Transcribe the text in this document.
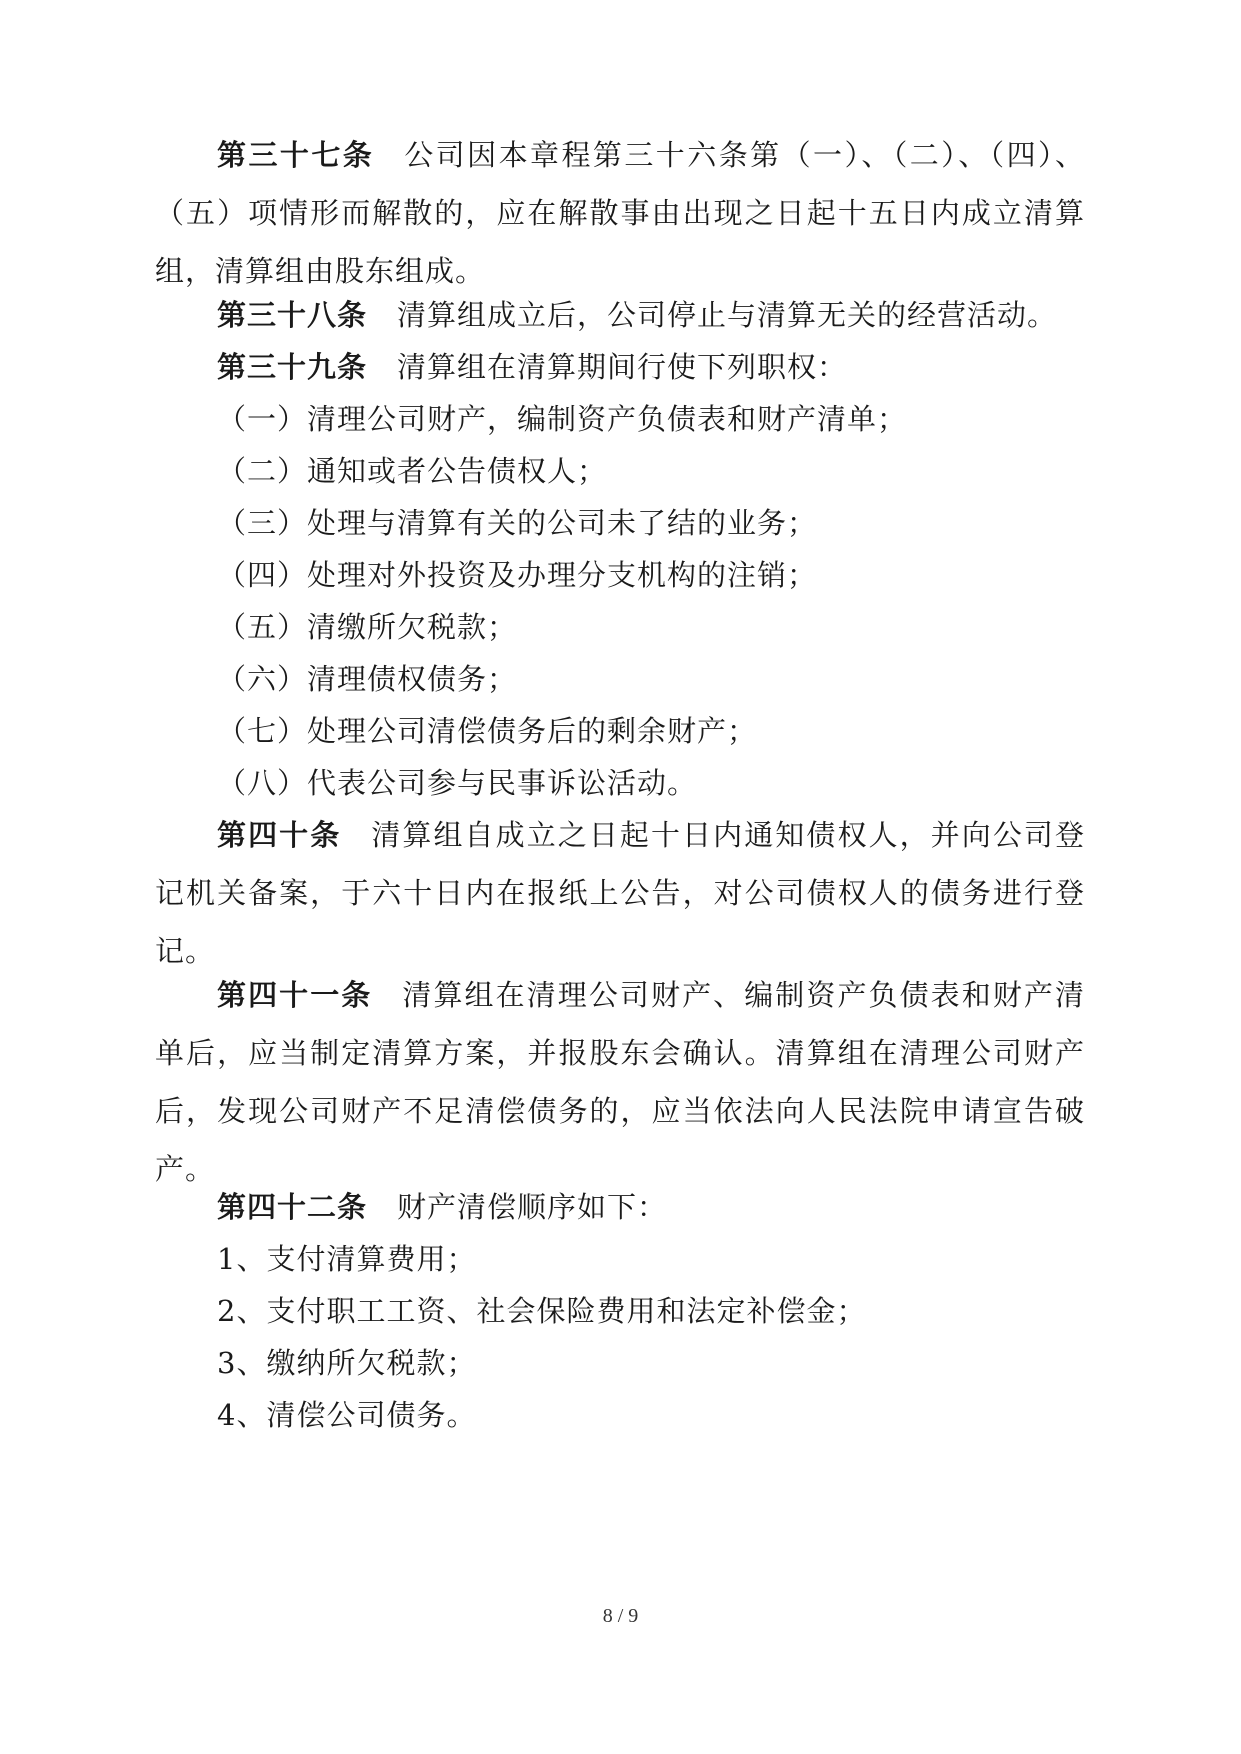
第三十七条 公司因本章程第三十六条第（一）、（二）、（四）、（五）项情形而解散的，应在解散事由出现之日起十五日内成立清算组，清算组由股东组成。

第三十八条 清算组成立后，公司停止与清算无关的经营活动。

第三十九条 清算组在清算期间行使下列职权：

（一）清理公司财产，编制资产负债表和财产清单；

（二）通知或者公告债权人；

（三）处理与清算有关的公司未了结的业务；

（四）处理对外投资及办理分支机构的注销；

（五）清缴所欠税款；

（六）清理债权债务；

（七）处理公司清偿债务后的剩余财产；

（八）代表公司参与民事诉讼活动。

第四十条 清算组自成立之日起十日内通知债权人，并向公司登记机关备案，于六十日内在报纸上公告，对公司债权人的债务进行登记。

第四十一条 清算组在清理公司财产、编制资产负债表和财产清单后，应当制定清算方案，并报股东会确认。清算组在清理公司财产后，发现公司财产不足清偿债务的，应当依法向人民法院申请宣告破产。

第四十二条 财产清偿顺序如下：

1、支付清算费用；

2、支付职工工资、社会保险费用和法定补偿金；

3、缴纳所欠税款；

4、清偿公司债务。

8 / 9
